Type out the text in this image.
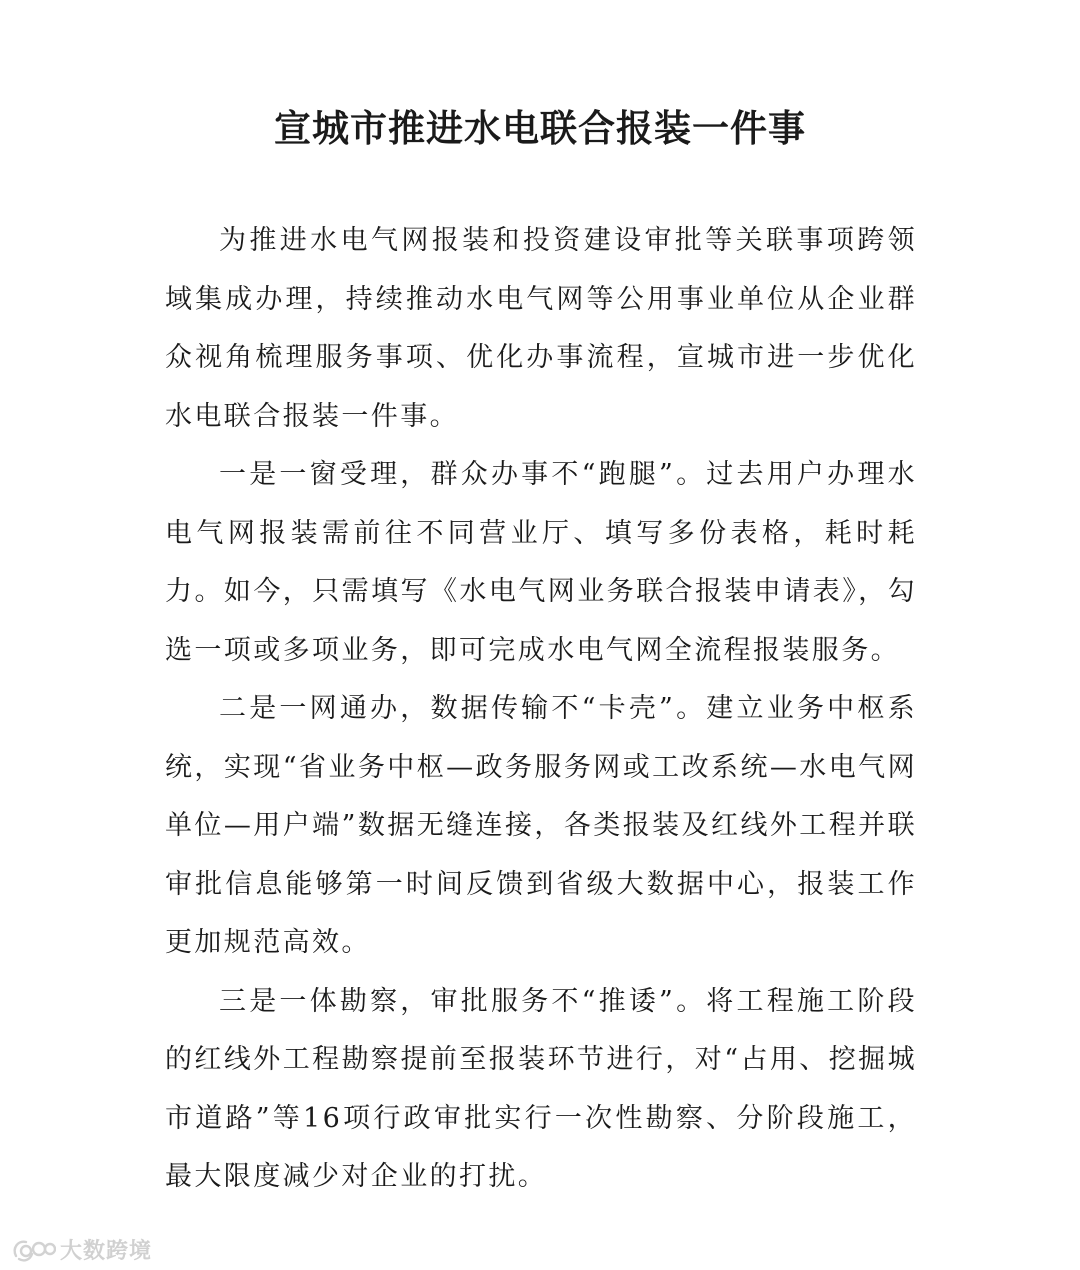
宣城市推进水电联合报装一件事

为推进水电气网报装和投资建设审批等关联事项跨领域集成办理，持续推动水电气网等公用事业单位从企业群众视角梳理服务事项、优化办事流程，宣城市进一步优化水电联合报装一件事。

一是一窗受理，群众办事不“跑腿”。过去用户办理水电气网报装需前往不同营业厅、填写多份表格，耗时耗力。如今，只需填写《水电气网业务联合报装申请表》，勾选一项或多项业务，即可完成水电气网全流程报装服务。

二是一网通办，数据传输不“卡壳”。建立业务中枢系统，实现“省业务中枢—政务服务网或工改系统—水电气网单位—用户端”数据无缝连接，各类报装及红线外工程并联审批信息能够第一时间反馈到省级大数据中心，报装工作更加规范高效。

三是一体勘察，审批服务不“推诿”。将工程施工阶段的红线外工程勘察提前至报装环节进行，对“占用、挖掘城市道路”等16项行政审批实行一次性勘察、分阶段施工，最大限度减少对企业的打扰。

大数跨境
